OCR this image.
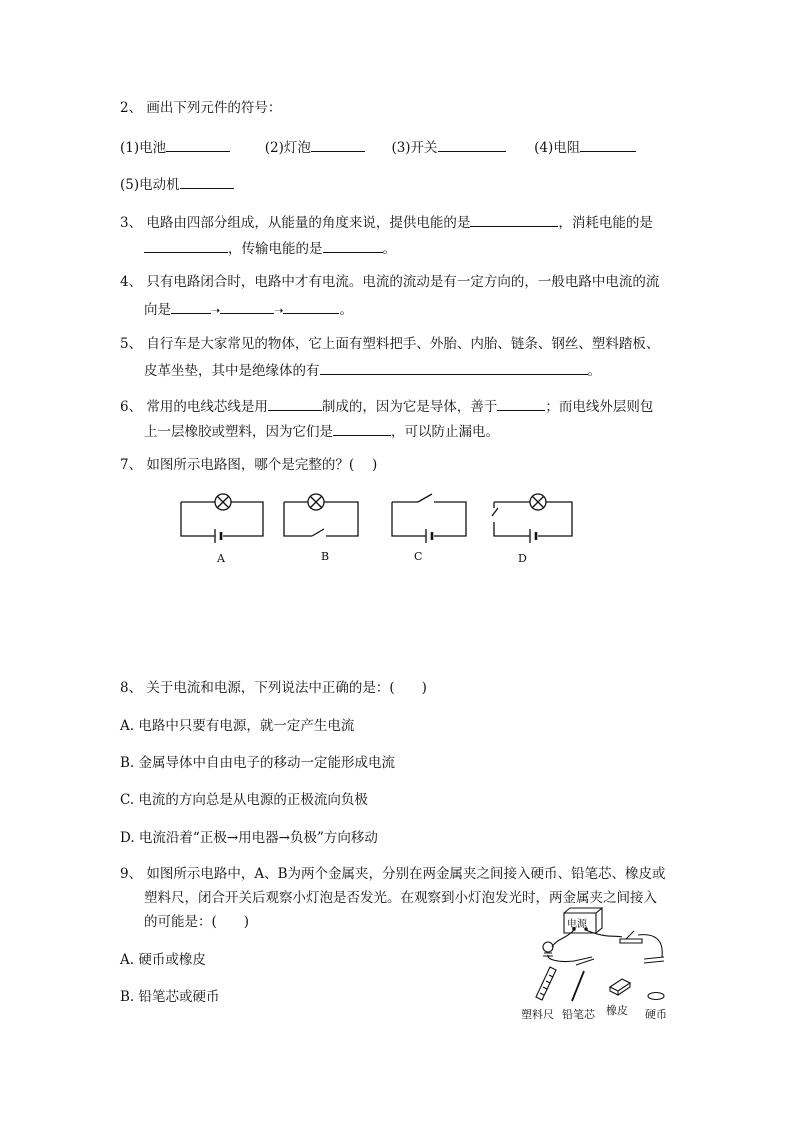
2、 画出下列元件的符号：
(1)电池	(2)灯泡	(3)开关	(4)电阻
(5)电动机
3、 电路由四部分组成，从能量的角度来说，提供电能的是	，消耗电能的是
，传输电能的是	。
4、 只有电路闭合时，电路中才有电流。电流的流动是有一定方向的，一般电路中电流的流
向是	➝	➝	。
5、 自行车是大家常见的物体，它上面有塑料把手、外胎、内胎、链条、钢丝、塑料踏板、
皮革坐垫，其中是绝缘体的有	。
6、 常用的电线芯线是用	制成的，因为它是导体，善于	；而电线外层则包
上一层橡胶或塑料，因为它们是	，可以防止漏电。
7、 如图所示电路图，哪个是完整的？(　 )
A	B	C	D
8、 关于电流和电源，下列说法中正确的是：(　　)
A. 电路中只要有电源，就一定产生电流
B. 金属导体中自由电子的移动一定能形成电流
C. 电流的方向总是从电源的正极流向负极
D. 电流沿着“正极→用电器→负极”方向移动
9、 如图所示电路中，A、B为两个金属夹，分别在两金属夹之间接入硬币、铅笔芯、橡皮或
塑料尺，闭合开关后观察小灯泡是否发光。在观察到小灯泡发光时，两金属夹之间接入
的可能是：(　　)
A. 硬币或橡皮
B. 铅笔芯或硬币
电源
塑料尺 铅笔芯 橡皮 硬币
